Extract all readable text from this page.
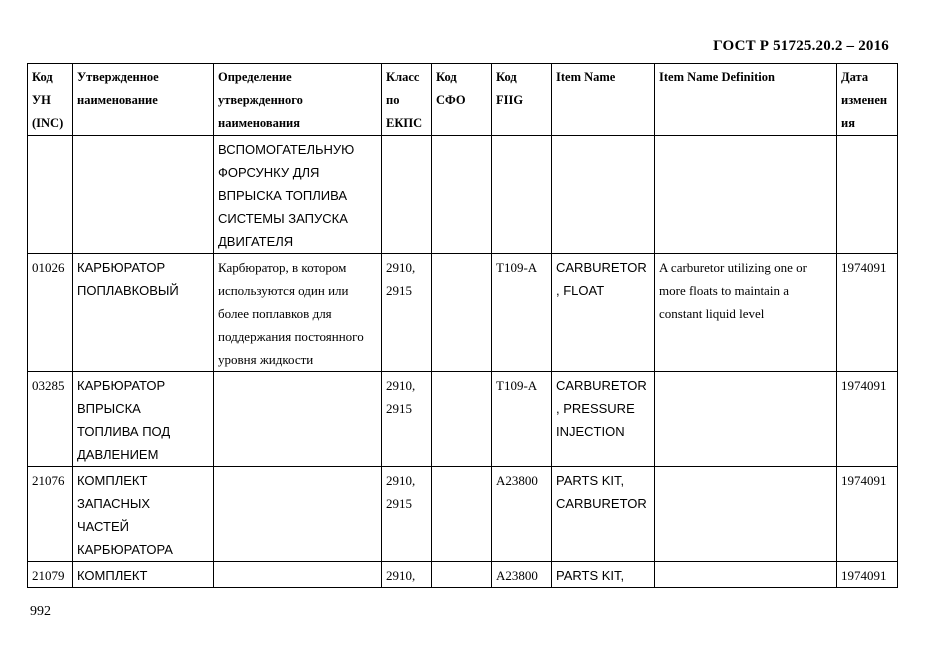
ГОСТ Р 51725.20.2 – 2016
Код
УН
(INC)	Утвержденное
наименование	Определение
утвержденного
наименования	Класс
по
ЕКПС	Код
СФО	Код
FIIG	Item Name	Item Name Definition	Дата
изменен
ия

		ВСПОМОГАТЕЛЬНУЮ
ФОРСУНКУ ДЛЯ
ВПРЫСКА ТОПЛИВА
СИСТЕМЫ ЗАПУСКА
ДВИГАТЕЛЯ						

01026	КАРБЮРАТОР
ПОПЛАВКОВЫЙ	Карбюратор, в котором
используются один или
более поплавков для
поддержания постоянного
уровня жидкости	2910,
2915		T109-A	CARBURETOR
, FLOAT	A carburetor utilizing one or
more floats to maintain a
constant liquid level	1974091

03285	КАРБЮРАТОР
ВПРЫСКА
ТОПЛИВА ПОД
ДАВЛЕНИЕМ		2910,
2915		T109-A	CARBURETOR
, PRESSURE
INJECTION		1974091

21076	КОМПЛЕКТ
ЗАПАСНЫХ
ЧАСТЕЙ
КАРБЮРАТОРА		2910,
2915		A23800	PARTS KIT,
CARBURETOR		1974091

21079	КОМПЛЕКТ		2910,		A23800	PARTS KIT,		1974091
992
